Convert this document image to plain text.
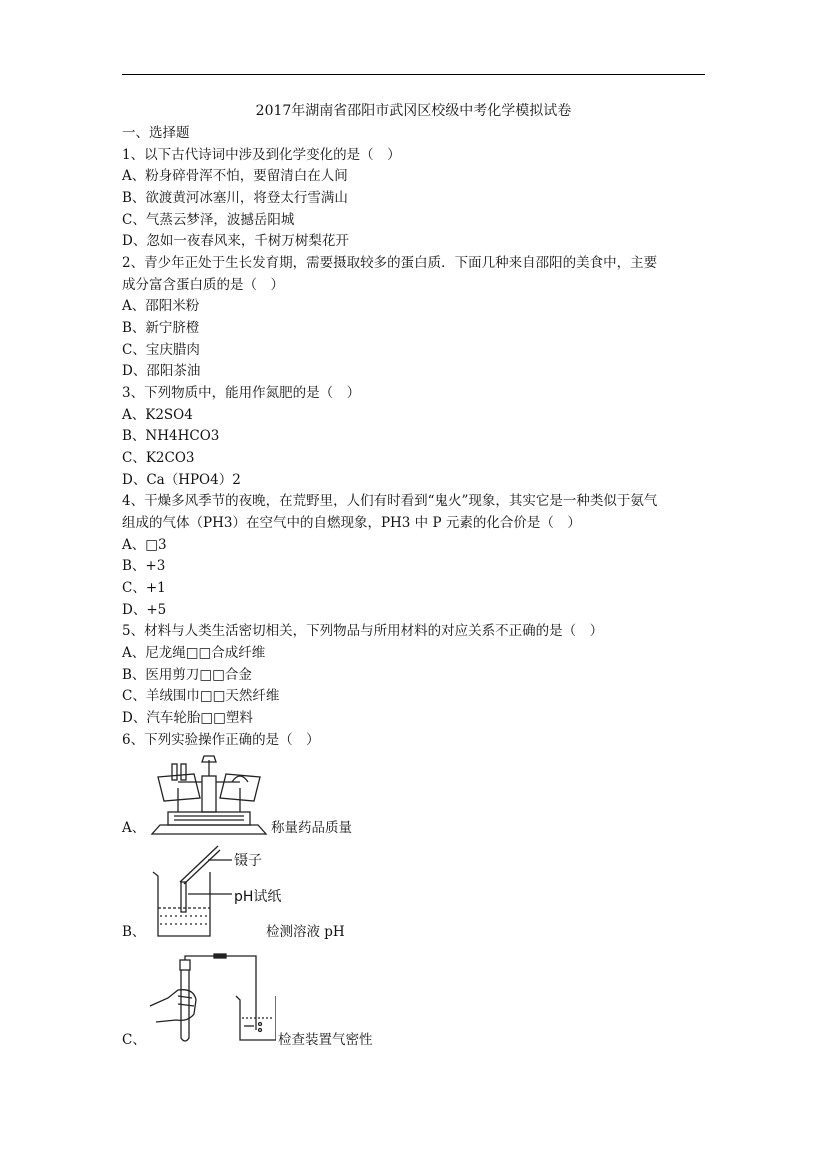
2017年湖南省邵阳市武冈区校级中考化学模拟试卷
一、选择题
1、以下古代诗词中涉及到化学变化的是（　）
A、粉身碎骨浑不怕，要留清白在人间
B、欲渡黄河冰塞川，将登太行雪满山
C、气蒸云梦泽，波撼岳阳城
D、忽如一夜春风来，千树万树梨花开
2、青少年正处于生长发育期，需要摄取较多的蛋白质．下面几种来自邵阳的美食中，主要
成分富含蛋白质的是（　）
A、邵阳米粉
B、新宁脐橙
C、宝庆腊肉
D、邵阳茶油
3、下列物质中，能用作氮肥的是（　）
A、K2SO4
B、NH4HCO3
C、K2CO3
D、Ca（HPO4）2
4、干燥多风季节的夜晚，在荒野里，人们有时看到“鬼火”现象，其实它是一种类似于氨气
组成的气体（PH3）在空气中的自燃现象，PH3 中 P 元素的化合价是（　）
A、□3
B、+3
C、+1
D、+5
5、材料与人类生活密切相关，下列物品与所用材料的对应关系不正确的是（　）
A、尼龙绳□□合成纤维
B、医用剪刀□□合金
C、羊绒围巾□□天然纤维
D、汽车轮胎□□塑料
6、下列实验操作正确的是（　）
A、	称量药品质量
B、
镊子
pH试纸
检测溶液 pH
C、	检查装置气密性
